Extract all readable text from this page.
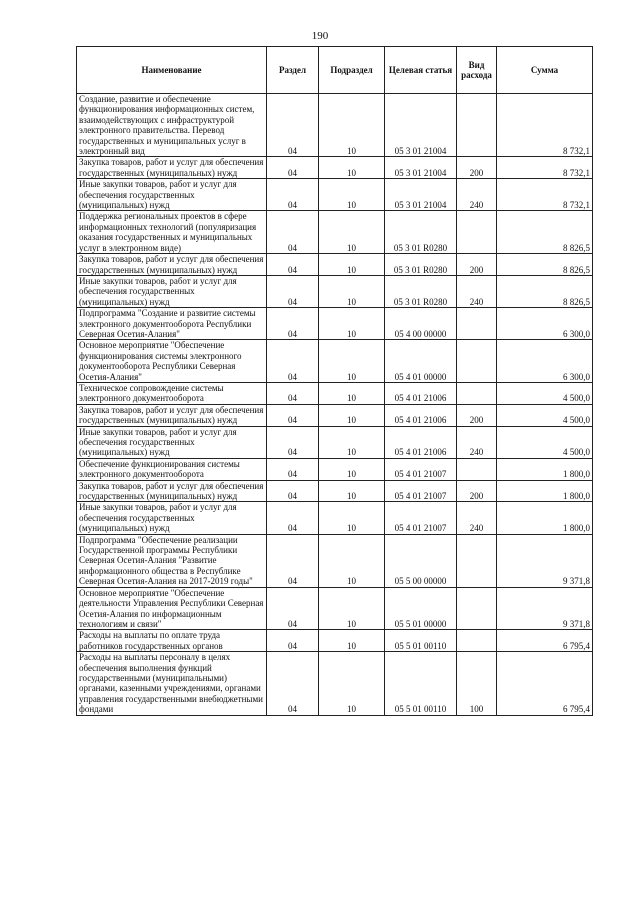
190
Наименование	Раздел	Подраздел	Целевая статья	Вид расхода	Сумма
Создание, развитие и обеспечение функционирования информационных систем, взаимодействующих с инфраструктурой электронного правительства. Перевод государственных и муниципальных услуг в электронный вид	04	10	05 3 01 21004		8 732,1
Закупка товаров, работ и услуг для обеспечения государственных (муниципальных) нужд	04	10	05 3 01 21004	200	8 732,1
Иные закупки товаров, работ и услуг для обеспечения государственных (муниципальных) нужд	04	10	05 3 01 21004	240	8 732,1
Поддержка региональных проектов в сфере информационных технологий (популяризация оказания государственных и муниципальных услуг в электронном виде)	04	10	05 3 01 R0280		8 826,5
Закупка товаров, работ и услуг для обеспечения государственных (муниципальных) нужд	04	10	05 3 01 R0280	200	8 826,5
Иные закупки товаров, работ и услуг для обеспечения государственных (муниципальных) нужд	04	10	05 3 01 R0280	240	8 826,5
Подпрограмма "Создание и развитие системы электронного документооборота Республики Северная Осетия-Алания"	04	10	05 4 00 00000		6 300,0
Основное мероприятие "Обеспечение функционирования системы электронного документооборота Республики Северная Осетия-Алания"	04	10	05 4 01 00000		6 300,0
Техническое сопровождение системы электронного документооборота	04	10	05 4 01 21006		4 500,0
Закупка товаров, работ и услуг для обеспечения государственных (муниципальных) нужд	04	10	05 4 01 21006	200	4 500,0
Иные закупки товаров, работ и услуг для обеспечения государственных (муниципальных) нужд	04	10	05 4 01 21006	240	4 500,0
Обеспечение функционирования системы электронного документооборота	04	10	05 4 01 21007		1 800,0
Закупка товаров, работ и услуг для обеспечения государственных (муниципальных) нужд	04	10	05 4 01 21007	200	1 800,0
Иные закупки товаров, работ и услуг для обеспечения государственных (муниципальных) нужд	04	10	05 4 01 21007	240	1 800,0
Подпрограмма "Обеспечение реализации Государственной программы Республики Северная Осетия-Алания "Развитие информационного общества в Республике Северная Осетия-Алания на 2017-2019 годы"	04	10	05 5 00 00000		9 371,8
Основное мероприятие "Обеспечение деятельности Управления Республики Северная Осетия-Алания по информационным технологиям и связи"	04	10	05 5 01 00000		9 371,8
Расходы на выплаты по оплате труда работников государственных органов	04	10	05 5 01 00110		6 795,4
Расходы на выплаты персоналу в целях обеспечения выполнения функций государственными (муниципальными) органами, казенными учреждениями, органами управления государственными внебюджетными фондами	04	10	05 5 01 00110	100	6 795,4
